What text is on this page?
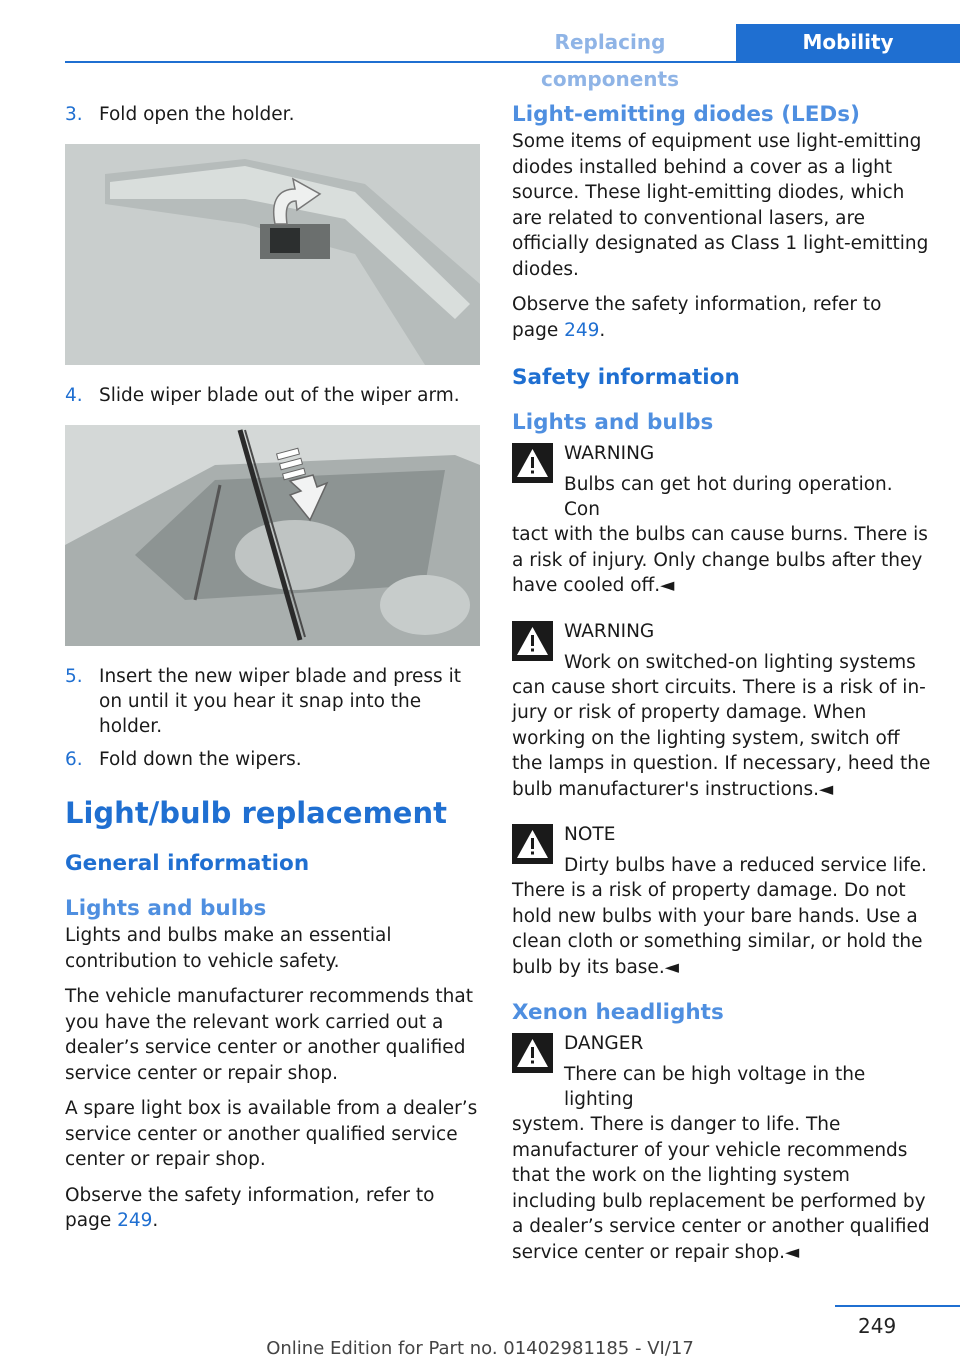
Replacing components
Mobility
3. Fold open the holder.
4. Slide wiper blade out of the wiper arm.
5. Insert the new wiper blade and press it on until it you hear it snap into the holder.
6. Fold down the wipers.
Light/bulb replacement
General information
Lights and bulbs

Lights and bulbs make an essential contribution to vehicle safety.

The vehicle manufacturer recommends that you have the relevant work carried out a dealer’s service center or another qualified service center or repair shop.

A spare light box is available from a dealer’s service center or another qualified service center or repair shop.

Observe the safety information, refer to page 249.

Light-emitting diodes (LEDs)

Some items of equipment use light-emitting diodes installed behind a cover as a light source. These light-emitting diodes, which are related to conventional lasers, are officially designated as Class 1 light-emitting diodes.

Observe the safety information, refer to page 249.

Safety information
Lights and bulbs
WARNING
Bulbs can get hot during operation. Con
tact with the bulbs can cause burns. There is a risk of injury. Only change bulbs after they have cooled off.◄
WARNING
Work on switched-on lighting systems
can cause short circuits. There is a risk of injury or risk of property damage. When working on the lighting system, switch off the lamps in question. If necessary, heed the bulb manufacturer's instructions.◄
NOTE
Dirty bulbs have a reduced service life.
There is a risk of property damage. Do not hold new bulbs with your bare hands. Use a clean cloth or something similar, or hold the bulb by its base.◄
Xenon headlights
DANGER
There can be high voltage in the lighting
system. There is danger to life. The manufacturer of your vehicle recommends that the work on the lighting system including bulb replacement be performed by a dealer’s service center or another qualified service center or repair shop.◄
249
Online Edition for Part no. 01402981185 - VI/17
